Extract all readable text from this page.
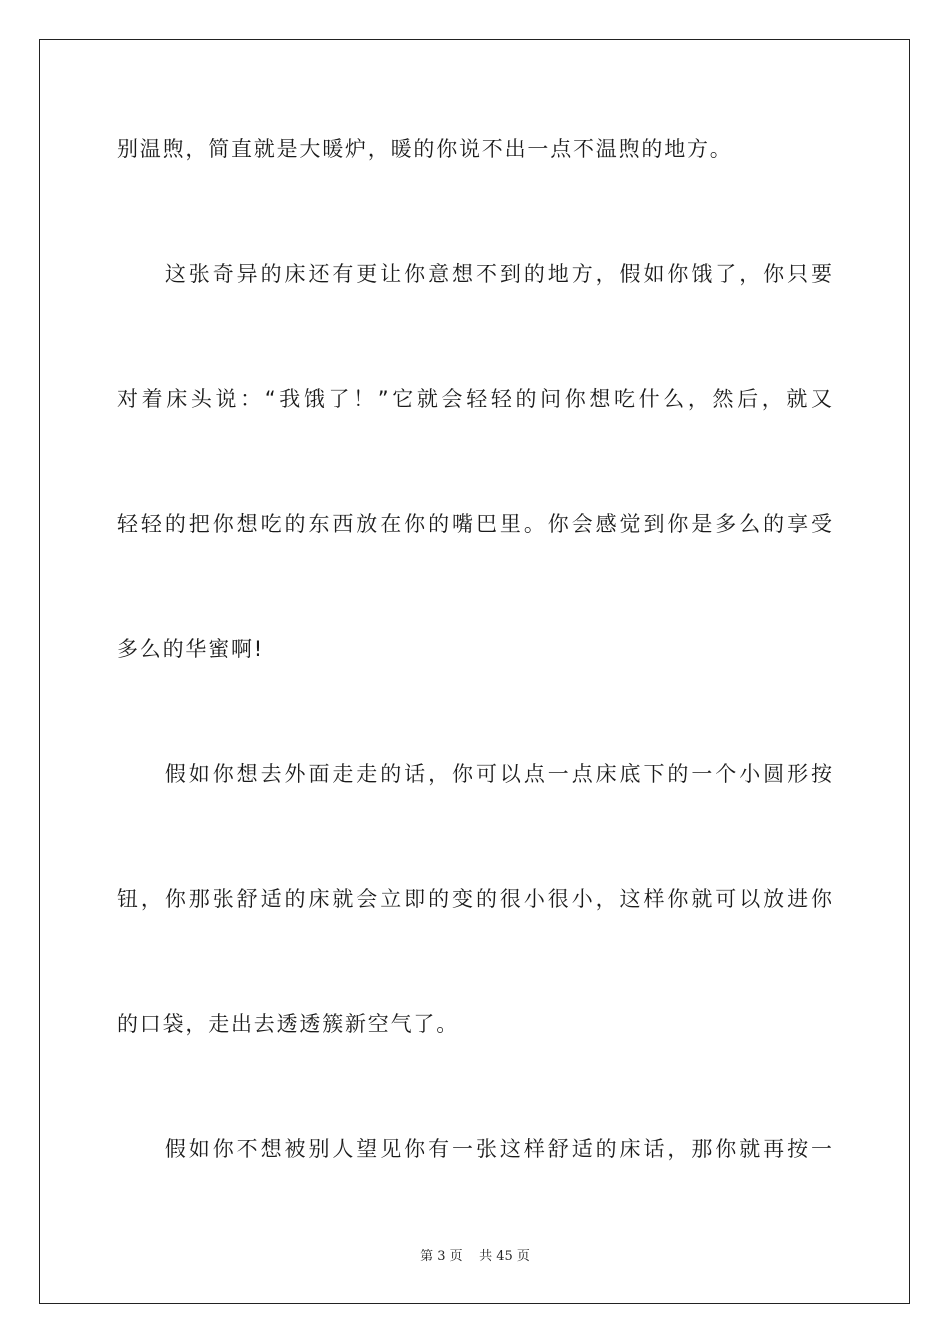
别温煦，简直就是大暖炉，暖的你说不出一点不温煦的地方。
　　这张奇异的床还有更让你意想不到的地方，假如你饿了，你只要
对着床头说：“我饿了！”它就会轻轻的问你想吃什么，然后，就又
轻轻的把你想吃的东西放在你的嘴巴里。你会感觉到你是多么的享受
多么的华蜜啊!
　　假如你想去外面走走的话，你可以点一点床底下的一个小圆形按
钮，你那张舒适的床就会立即的变的很小很小，这样你就可以放进你
的口袋，走出去透透簇新空气了。
　　假如你不想被别人望见你有一张这样舒适的床话，那你就再按一
第 3 页    共 45 页
